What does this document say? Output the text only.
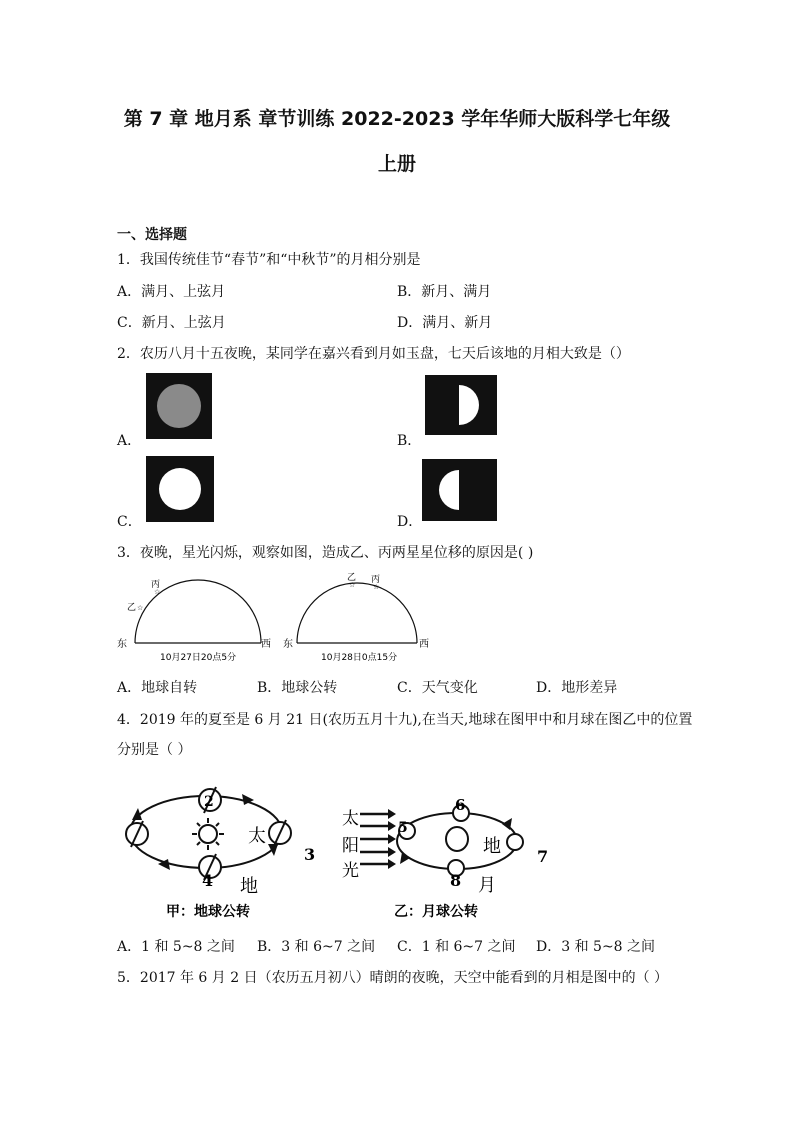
第 7 章 地月系 章节训练 2022-2023 学年华师大版科学七年级
上册
一、选择题
1．我国传统佳节“春节”和“中秋节”的月相分别是
A．满月、上弦月	B．新月、满月
C．新月、上弦月	D．满月、新月
2．农历八月十五夜晚，某同学在嘉兴看到月如玉盘，七天后该地的月相大致是（）
A．	B．
C．	D．
3．夜晚，星光闪烁，观察如图，造成乙、丙两星星位移的原因是( )
东	西
丙
☆
乙 ☆
10月27日20点5分
东	西
乙
☆ 丙
☆
10月28日0点15分
A．地球自转	B．地球公转	C．天气变化	D．地形差异
4．2019 年的夏至是 6 月 21 日(农历五月十九),在当天,地球在图甲中和月球在图乙中的位置
分别是（ ）
2
3
4
太
地
甲：地球公转
太
阳
光
5
6
7
8
地
月
乙：月球公转
A．1 和 5~8 之间 B．3 和 6~7 之间 C．1 和 6~7 之间 D．3 和 5~8 之间
5．2017 年 6 月 2 日（农历五月初八）晴朗的夜晚，天空中能看到的月相是图中的（ ）
